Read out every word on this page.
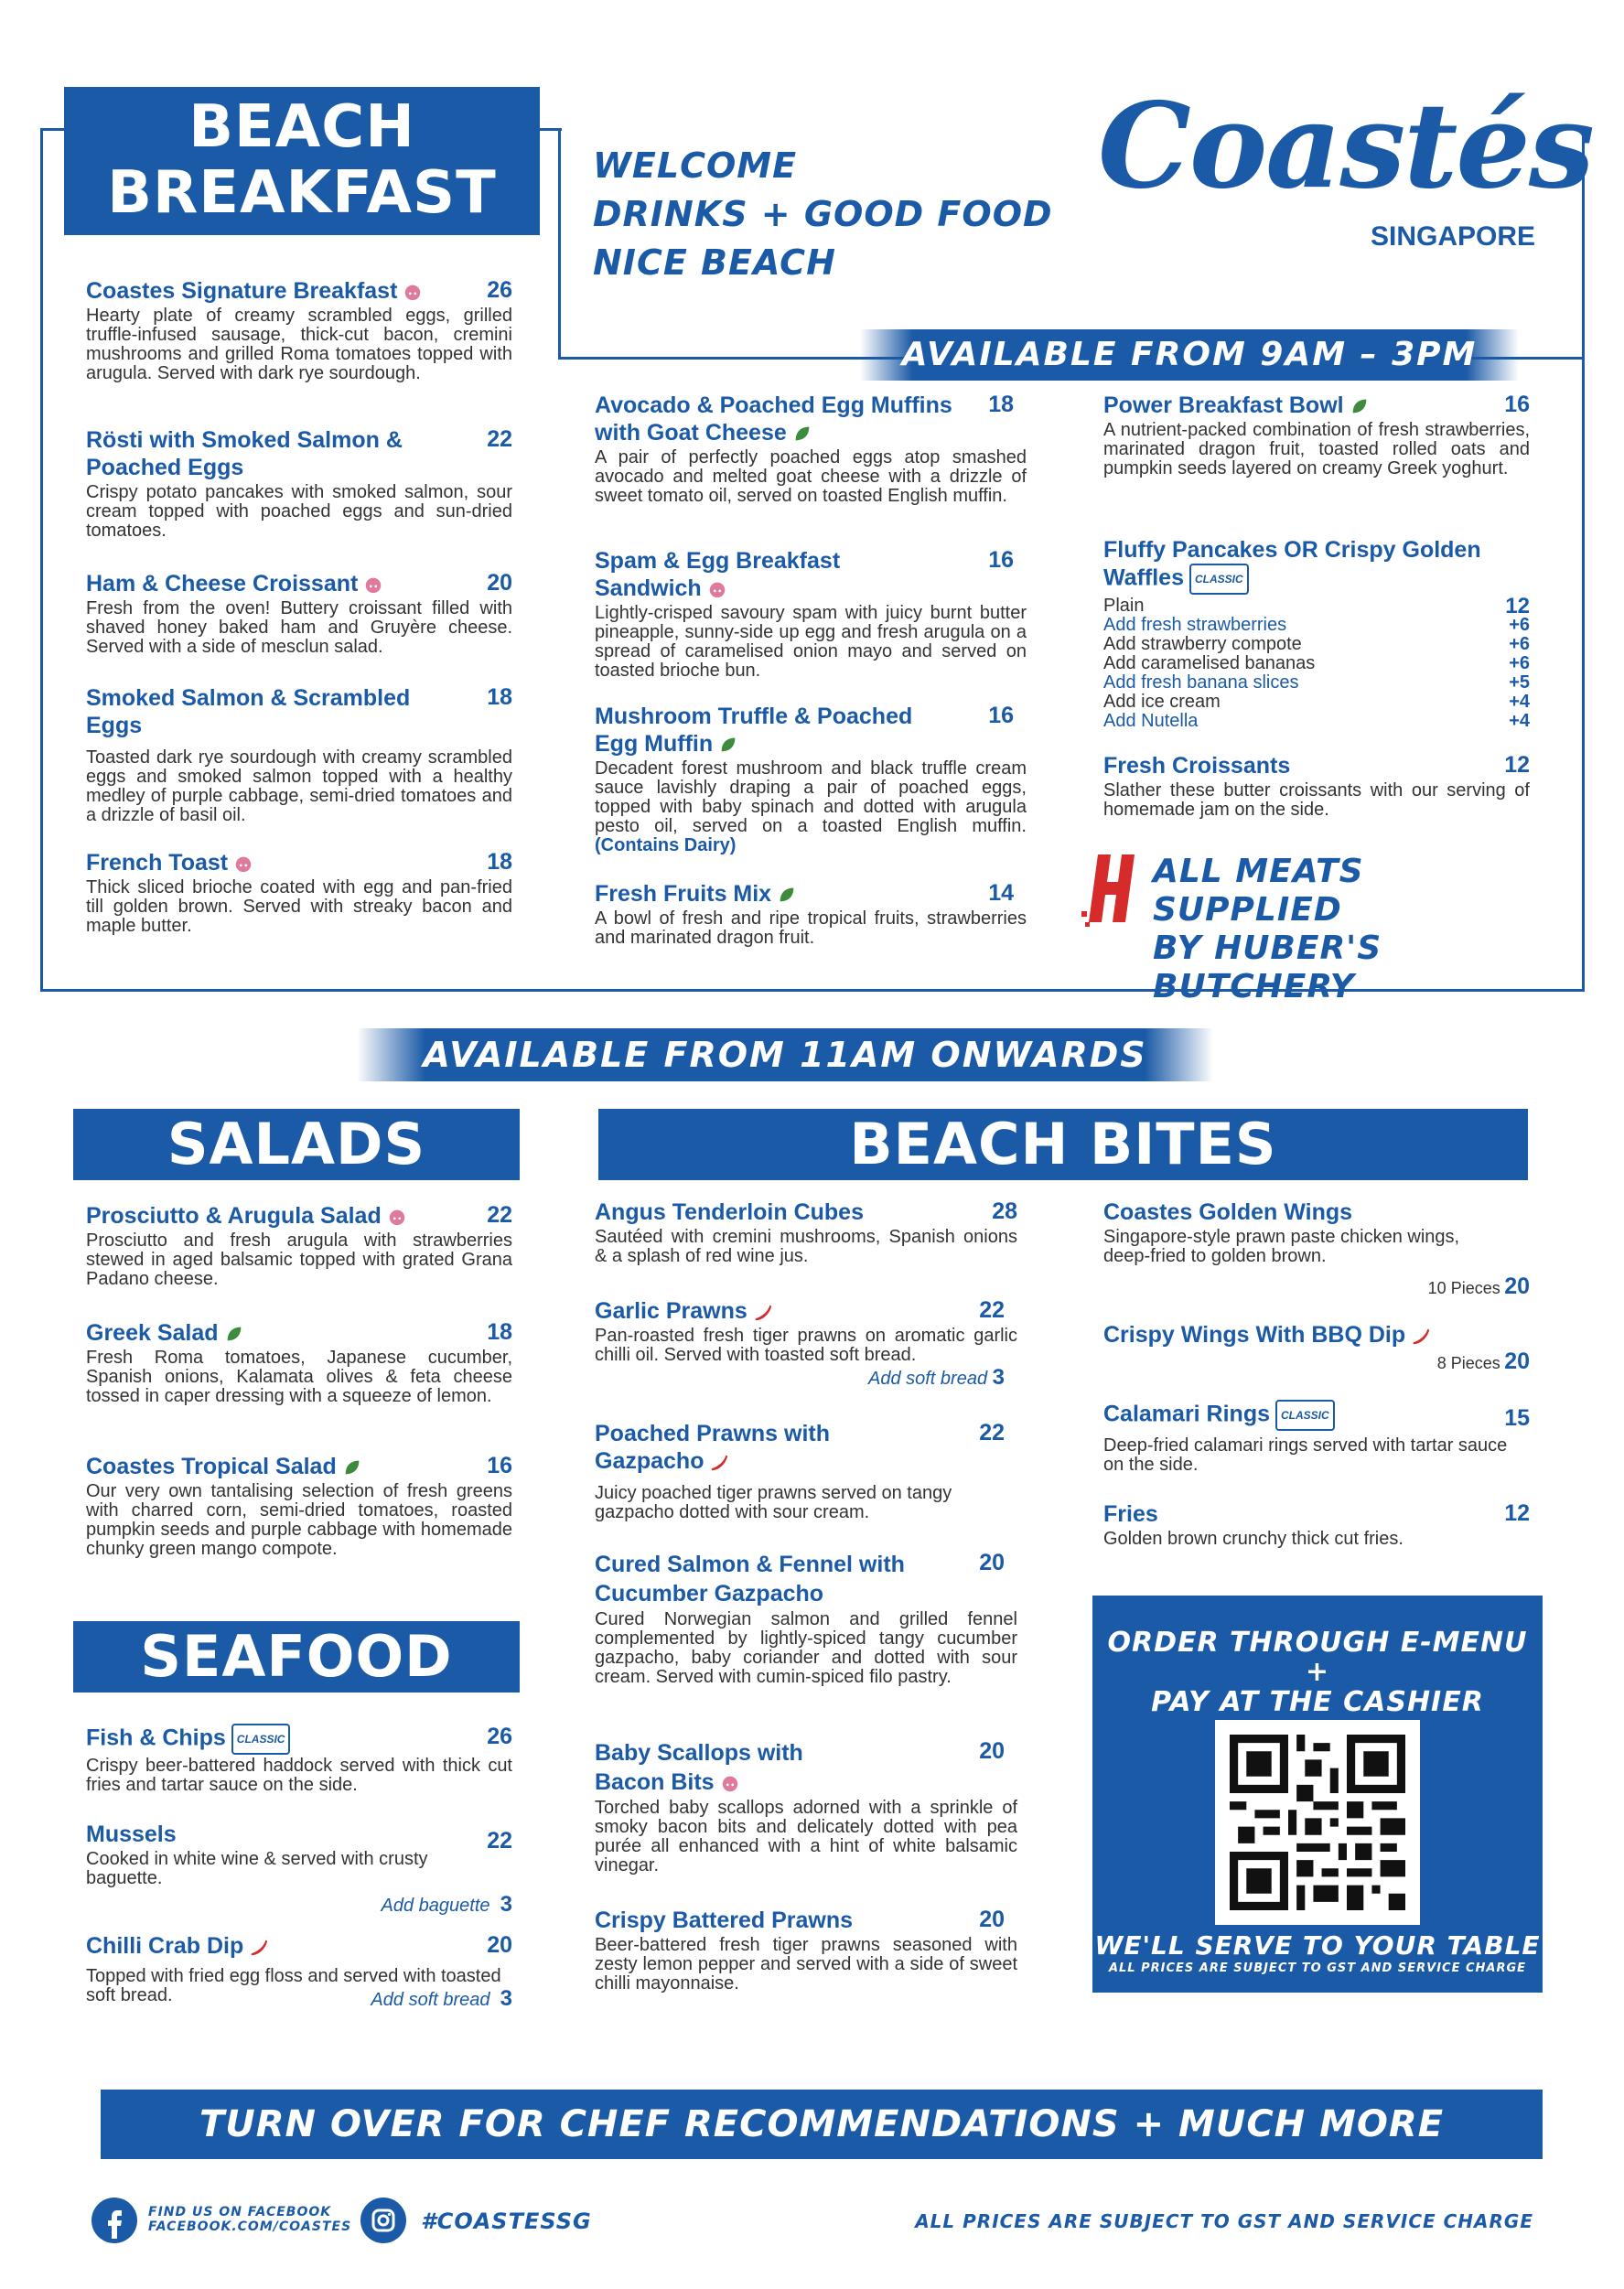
BEACH
BREAKFAST	WELCOME
DRINKS + GOOD FOOD
NICE BEACH
Coastés
SINGAPORE
AVAILABLE FROM 9AM – 3PM
Coastes Signature Breakfast	26
Hearty plate of creamy scrambled eggs, grilled truffle-infused sausage, thick-cut bacon, cremini mushrooms and grilled Roma tomatoes topped with arugula. Served with dark rye sourdough.
Rösti with Smoked Salmon & Poached Eggs
22
Crispy potato pancakes with smoked salmon, sour cream topped with poached eggs and sun-dried tomatoes.
Ham & Cheese Croissant	20
Fresh from the oven! Buttery croissant filled with shaved honey baked ham and Gruyère cheese. Served with a side of mesclun salad.
Smoked Salmon & Scrambled Eggs
18
Toasted dark rye sourdough with creamy scrambled eggs and smoked salmon topped with a healthy medley of purple cabbage, semi-dried tomatoes and a drizzle of basil oil.
French Toast	18
Thick sliced brioche coated with egg and pan-fried till golden brown. Served with streaky bacon and maple butter.
Avocado & Poached Egg Muffins with Goat Cheese
18
A pair of perfectly poached eggs atop smashed avocado and melted goat cheese with a drizzle of sweet tomato oil, served on toasted English muffin.
Spam & Egg Breakfast Sandwich
16
Lightly-crisped savoury spam with juicy burnt butter pineapple, sunny-side up egg and fresh arugula on a spread of caramelised onion mayo and served on toasted brioche bun.
Mushroom Truffle & Poached Egg Muffin
16
Decadent forest mushroom and black truffle cream sauce lavishly draping a pair of poached eggs, topped with baby spinach and dotted with arugula pesto oil, served on a toasted English muffin. (Contains Dairy)
Fresh Fruits Mix	14
A bowl of fresh and ripe tropical fruits, strawberries and marinated dragon fruit.
Power Breakfast Bowl	16
A nutrient-packed combination of fresh strawberries, marinated dragon fruit, toasted rolled oats and pumpkin seeds layered on creamy Greek yoghurt.
Fluffy Pancakes OR Crispy Golden Waffles CLASSIC
Plain	12
Add fresh strawberries	+6
Add strawberry compote	+6
Add caramelised bananas	+6
Add fresh banana slices	+5
Add ice cream	+4
Add Nutella	+4
Fresh Croissants	12
Slather these butter croissants with our serving of homemade jam on the side.
ALL MEATS SUPPLIED
BY HUBER'S BUTCHERY
AVAILABLE FROM 11AM ONWARDS
SALADS
Prosciutto & Arugula Salad	22
Prosciutto and fresh arugula with strawberries stewed in aged balsamic topped with grated Grana Padano cheese.
Greek Salad	18
Fresh Roma tomatoes, Japanese cucumber, Spanish onions, Kalamata olives & feta cheese tossed in caper dressing with a squeeze of lemon.
Coastes Tropical Salad	16
Our very own tantalising selection of fresh greens with charred corn, semi-dried tomatoes, roasted pumpkin seeds and purple cabbage with homemade chunky green mango compote.
SEAFOOD
Fish & Chips CLASSIC	26
Crispy beer-battered haddock served with thick cut fries and tartar sauce on the side.
Mussels	22
Cooked in white wine & served with crusty baguette.
Add baguette 3
Chilli Crab Dip	20
Topped with fried egg floss and served with toasted soft bread.	Add soft bread 3
BEACH BITES
Angus Tenderloin Cubes	28
Sautéed with cremini mushrooms, Spanish onions & a splash of red wine jus.
Garlic Prawns	22
Pan-roasted fresh tiger prawns on aromatic garlic chilli oil. Served with toasted soft bread.
Add soft bread 3
Poached Prawns with Gazpacho
22
Juicy poached tiger prawns served on tangy gazpacho dotted with sour cream.
Cured Salmon & Fennel with Cucumber Gazpacho
20
Cured Norwegian salmon and grilled fennel complemented by lightly-spiced tangy cucumber gazpacho, baby coriander and dotted with sour cream. Served with cumin-spiced filo pastry.
Baby Scallops with Bacon Bits
20
Torched baby scallops adorned with a sprinkle of smoky bacon bits and delicately dotted with pea purée all enhanced with a hint of white balsamic vinegar.
Crispy Battered Prawns	20
Beer-battered fresh tiger prawns seasoned with zesty lemon pepper and served with a side of sweet chilli mayonnaise.
Coastes Golden Wings
Singapore-style prawn paste chicken wings, deep-fried to golden brown.
10 Pieces 20
Crispy Wings With BBQ Dip
8 Pieces 20
Calamari Rings CLASSIC	15
Deep-fried calamari rings served with tartar sauce on the side.
Fries	12
Golden brown crunchy thick cut fries.
ORDER THROUGH E-MENU
+
PAY AT THE CASHIER
WE'LL SERVE TO YOUR TABLE
ALL PRICES ARE SUBJECT TO GST AND SERVICE CHARGE
TURN OVER FOR CHEF RECOMMENDATIONS + MUCH MORE
FIND US ON FACEBOOK
FACEBOOK.COM/COASTES	#COASTESSG	ALL PRICES ARE SUBJECT TO GST AND SERVICE CHARGE
